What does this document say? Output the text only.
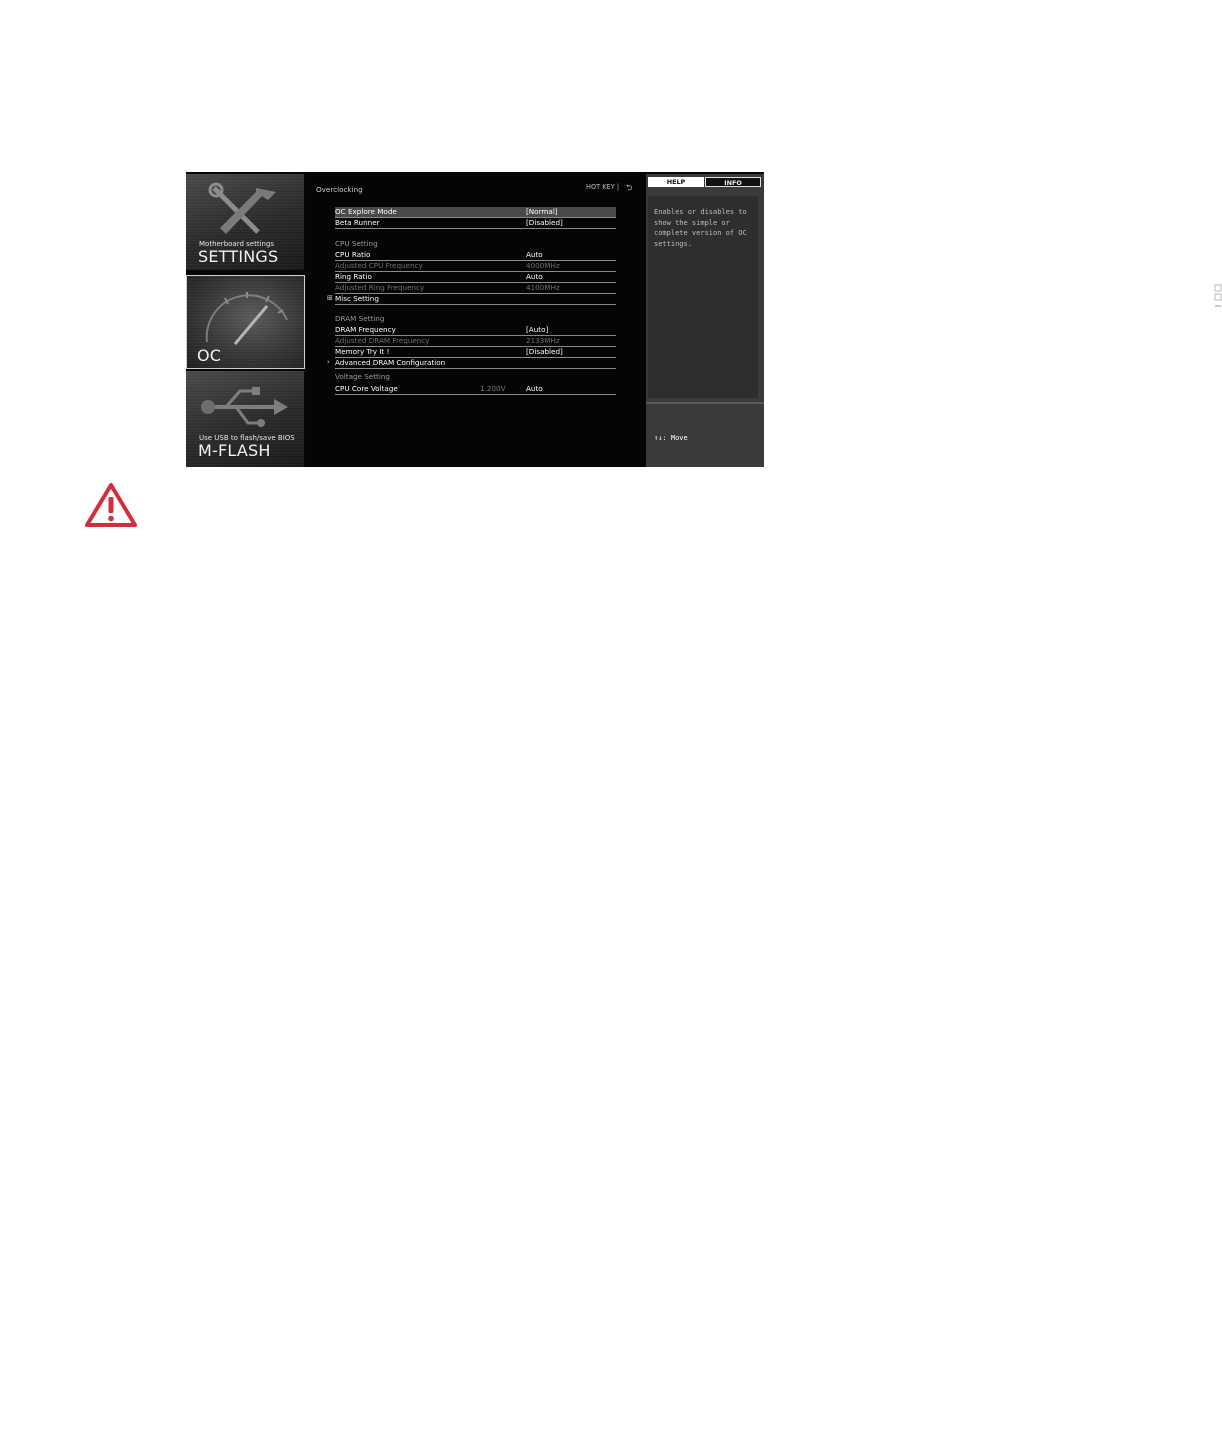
Motherboard settings
SETTINGS
OC
Use USB to flash/save BIOS
M-FLASH
Overclocking	HOT KEY | ⮌
OC Explore Mode	[Normal]
Beta Runner	[Disabled]
CPU Setting
CPU Ratio	Auto
Adjusted CPU Frequency	4000MHz
Ring Ratio	Auto
Adjusted Ring Frequency	4100MHz
⊞ Misc Setting
DRAM Setting
DRAM Frequency	[Auto]
Adjusted DRAM Frequency	2133MHz
Memory Try It !	[Disabled]
› Advanced DRAM Configuration
Voltage Setting
CPU Core Voltage	1.200V	Auto
HELP	INFO
Enables or disables to show the simple or complete version of OC settings.

↑↓: Move

→←: Group Jump

Enter: Select

+/-: Value

F1: General Help
